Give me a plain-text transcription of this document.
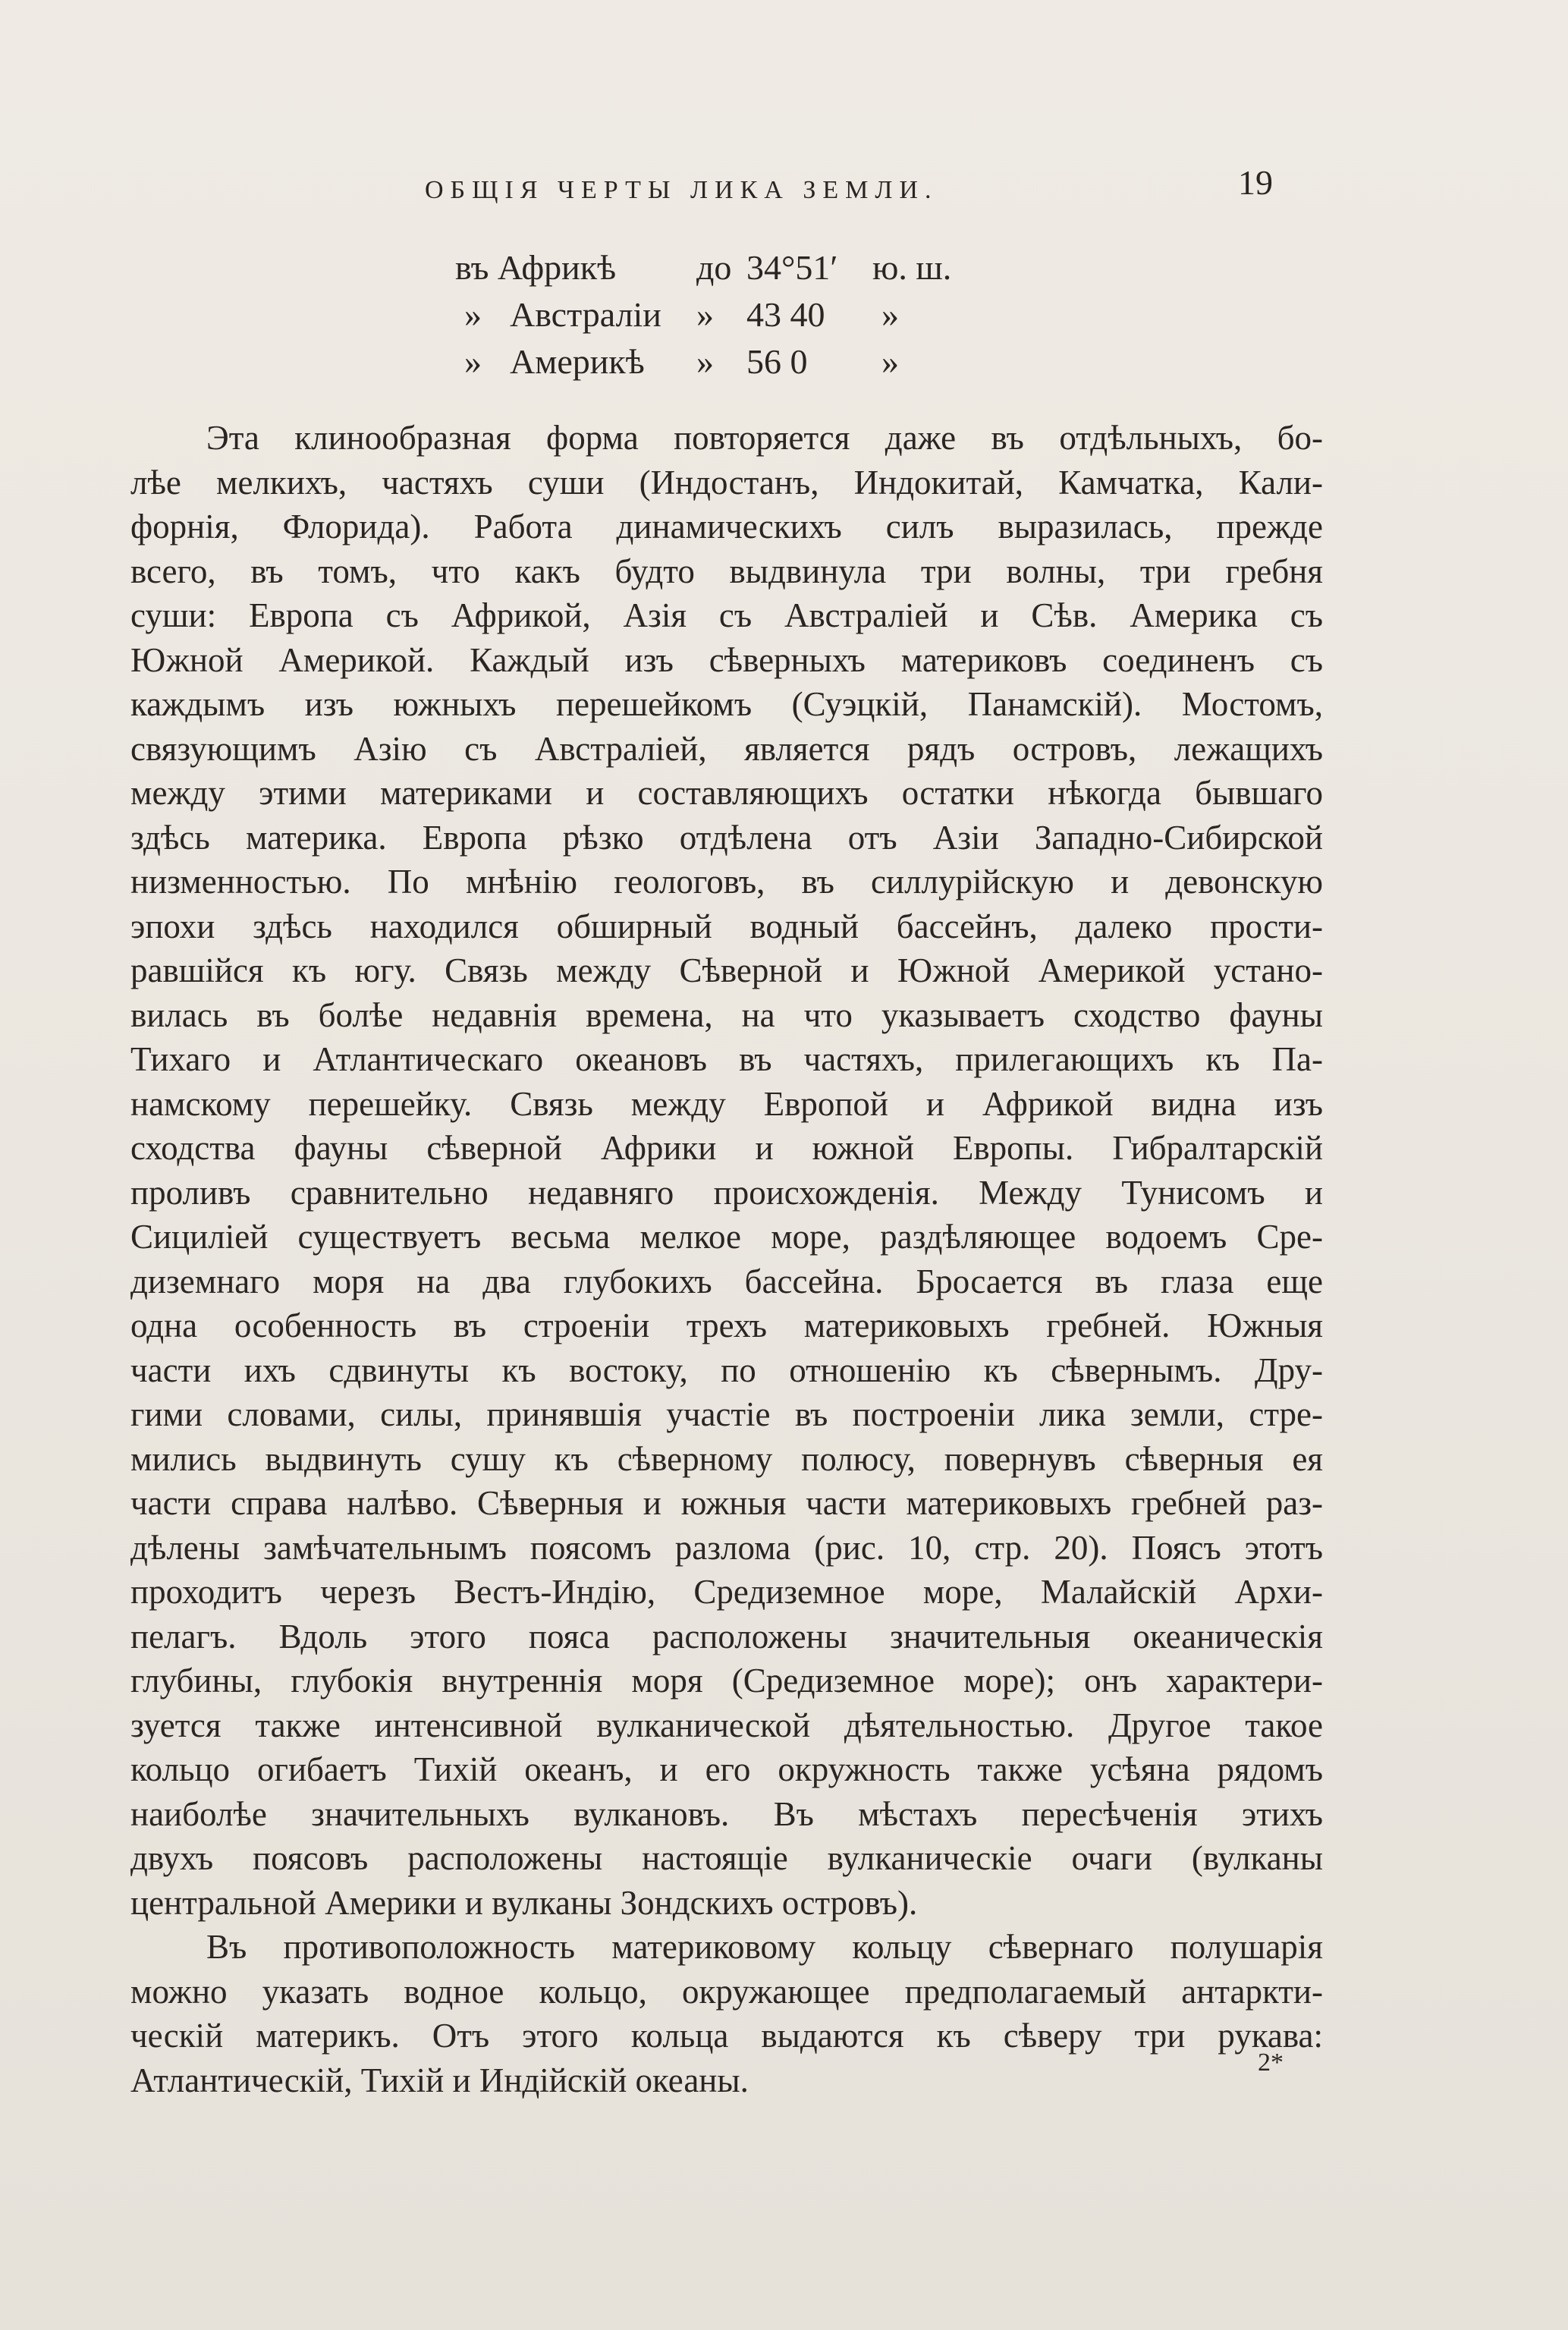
ОБЩІЯ ЧЕРТЫ ЛИКА ЗЕМЛИ.	19
въ Африкѣ до 34°51′ ю. ш.
» Австраліи » 43 40 »
» Америкѣ » 56 0 »
Эта клинообразная форма повторяется даже въ отдѣльныхъ, бо-
лѣе мелкихъ, частяхъ суши (Индостанъ, Индокитай, Камчатка, Кали-
форнія, Флорида). Работа динамическихъ силъ выразилась, прежде
всего, въ томъ, что какъ будто выдвинула три волны, три гребня
суши: Европа съ Африкой, Азія съ Австраліей и Сѣв. Америка съ
Южной Америкой. Каждый изъ сѣверныхъ материковъ соединенъ съ
каждымъ изъ южныхъ перешейкомъ (Суэцкій, Панамскій). Мостомъ,
связующимъ Азію съ Австраліей, является рядъ островъ, лежащихъ
между этими материками и составляющихъ остатки нѣкогда бывшаго
здѣсь материка. Европа рѣзко отдѣлена отъ Азіи Западно-Сибирской
низменностью. По мнѣнію геологовъ, въ силлурійскую и девонскую
эпохи здѣсь находился обширный водный бассейнъ, далеко прости-
равшійся къ югу. Связь между Сѣверной и Южной Америкой устано-
вилась въ болѣе недавнія времена, на что указываетъ сходство фауны
Тихаго и Атлантическаго океановъ въ частяхъ, прилегающихъ къ Па-
намскому перешейку. Связь между Европой и Африкой видна изъ
сходства фауны сѣверной Африки и южной Европы. Гибралтарскій
проливъ сравнительно недавняго происхожденія. Между Тунисомъ и
Сициліей существуетъ весьма мелкое море, раздѣляющее водоемъ Сре-
диземнаго моря на два глубокихъ бассейна. Бросается въ глаза еще
одна особенность въ строеніи трехъ материковыхъ гребней. Южныя
части ихъ сдвинуты къ востоку, по отношенію къ сѣвернымъ. Дру-
гими словами, силы, принявшія участіе въ построеніи лика земли, стре-
мились выдвинуть сушу къ сѣверному полюсу, повернувъ сѣверныя ея
части справа налѣво. Сѣверныя и южныя части материковыхъ гребней раз-
дѣлены замѣчательнымъ поясомъ разлома (рис. 10, стр. 20). Поясъ этотъ
проходитъ черезъ Вестъ-Индію, Средиземное море, Малайскій Архи-
пелагъ. Вдоль этого пояса расположены значительныя океаническія
глубины, глубокія внутреннія моря (Средиземное море); онъ характери-
зуется также интенсивной вулканической дѣятельностью. Другое такое
кольцо огибаетъ Тихій океанъ, и его окружность также усѣяна рядомъ
наиболѣе значительныхъ вулкановъ. Въ мѣстахъ пересѣченія этихъ
двухъ поясовъ расположены настоящіе вулканическіе очаги (вулканы
центральной Америки и вулканы Зондскихъ островъ).
Въ противоположность материковому кольцу сѣвернаго полушарія
можно указать водное кольцо, окружающее предполагаемый антаркти-
ческій материкъ. Отъ этого кольца выдаются къ сѣверу три рукава:
Атлантическій, Тихій и Индійскій океаны.	2*
